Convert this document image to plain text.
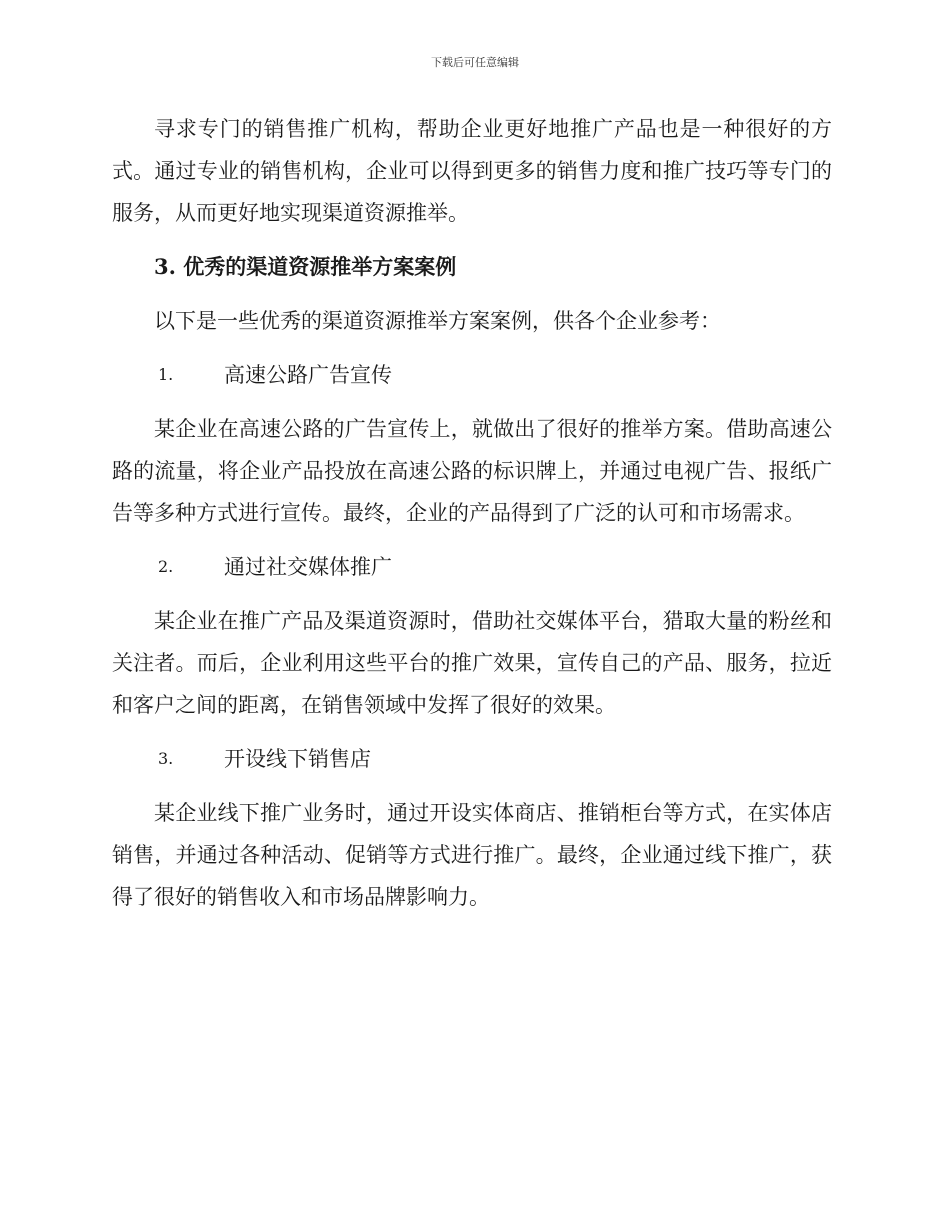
下载后可任意编辑

寻求专门的销售推广机构，帮助企业更好地推广产品也是一种很好的方式。通过专业的销售机构，企业可以得到更多的销售力度和推广技巧等专门的服务，从而更好地实现渠道资源推举。

3. 优秀的渠道资源推举方案案例

以下是一些优秀的渠道资源推举方案案例，供各个企业参考：

1.	高速公路广告宣传

某企业在高速公路的广告宣传上，就做出了很好的推举方案。借助高速公路的流量，将企业产品投放在高速公路的标识牌上，并通过电视广告、报纸广告等多种方式进行宣传。最终，企业的产品得到了广泛的认可和市场需求。

2.	通过社交媒体推广

某企业在推广产品及渠道资源时，借助社交媒体平台，猎取大量的粉丝和关注者。而后，企业利用这些平台的推广效果，宣传自己的产品、服务，拉近和客户之间的距离，在销售领域中发挥了很好的效果。

3.	开设线下销售店

某企业线下推广业务时，通过开设实体商店、推销柜台等方式，在实体店销售，并通过各种活动、促销等方式进行推广。最终，企业通过线下推广，获得了很好的销售收入和市场品牌影响力。
